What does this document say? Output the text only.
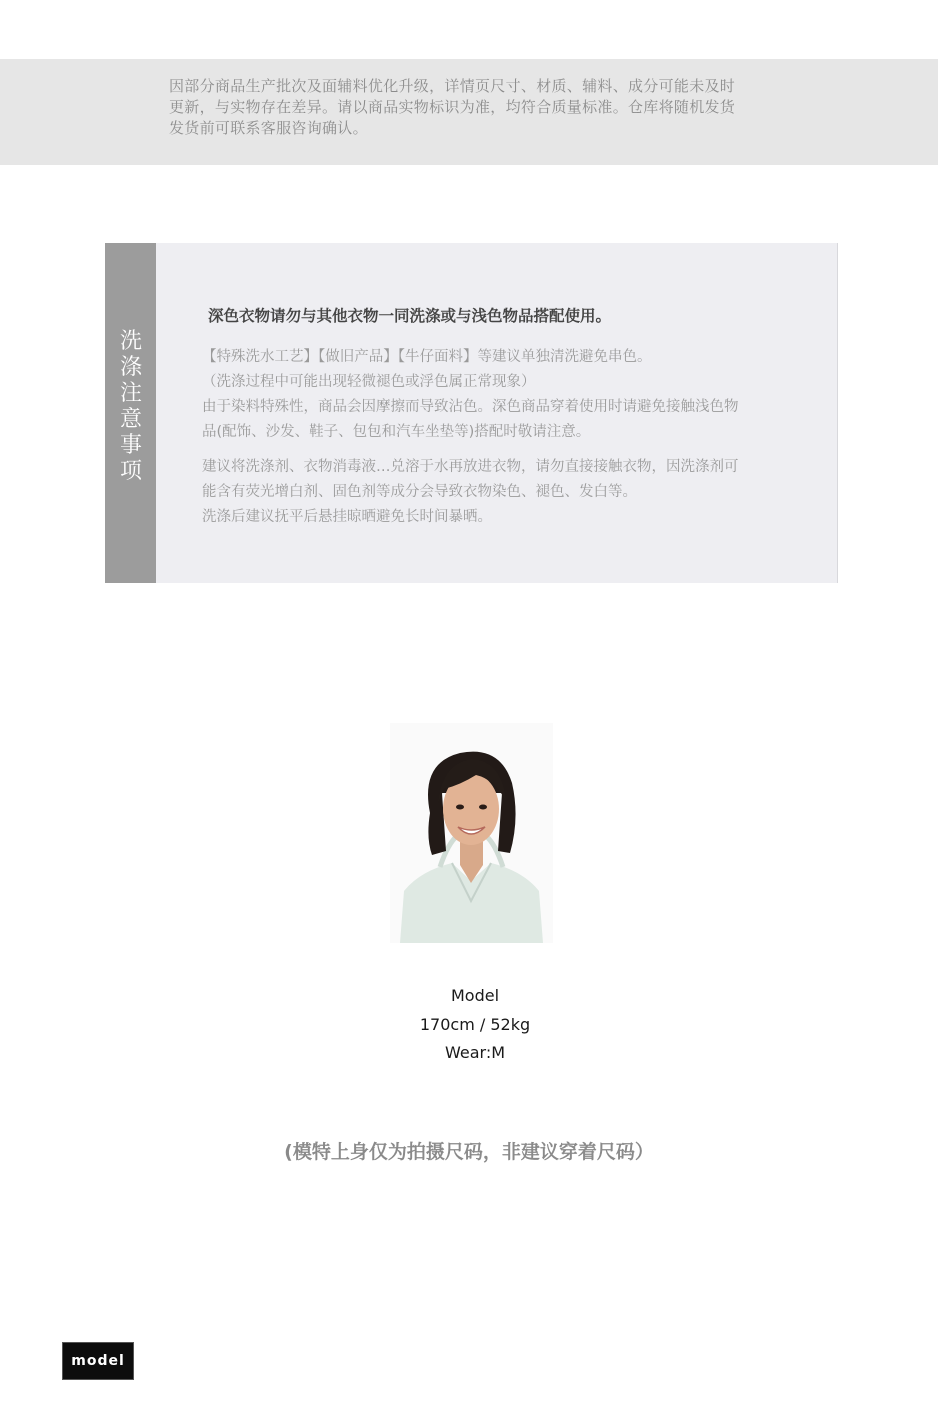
因部分商品生产批次及面辅料优化升级，详情页尺寸、材质、辅料、成分可能未及时
更新，与实物存在差异。请以商品实物标识为准，均符合质量标准。仓库将随机发货
发货前可联系客服咨询确认。
洗
涤
注
意
事
项
深色衣物请勿与其他衣物一同洗涤或与浅色物品搭配使用。
【特殊洗水工艺】【做旧产品】【牛仔面料】等建议单独清洗避免串色。
（洗涤过程中可能出现轻微褪色或浮色属正常现象）
由于染料特殊性，商品会因摩擦而导致沾色。深色商品穿着使用时请避免接触浅色物
品(配饰、沙发、鞋子、包包和汽车坐垫等)搭配时敬请注意。
建议将洗涤剂、衣物消毒液…兑溶于水再放进衣物，请勿直接接触衣物，因洗涤剂可
能含有荧光增白剂、固色剂等成分会导致衣物染色、褪色、发白等。
洗涤后建议抚平后悬挂晾晒避免长时间暴晒。
Model
170cm / 52kg
Wear:M
(模特上身仅为拍摄尺码，非建议穿着尺码）
model
